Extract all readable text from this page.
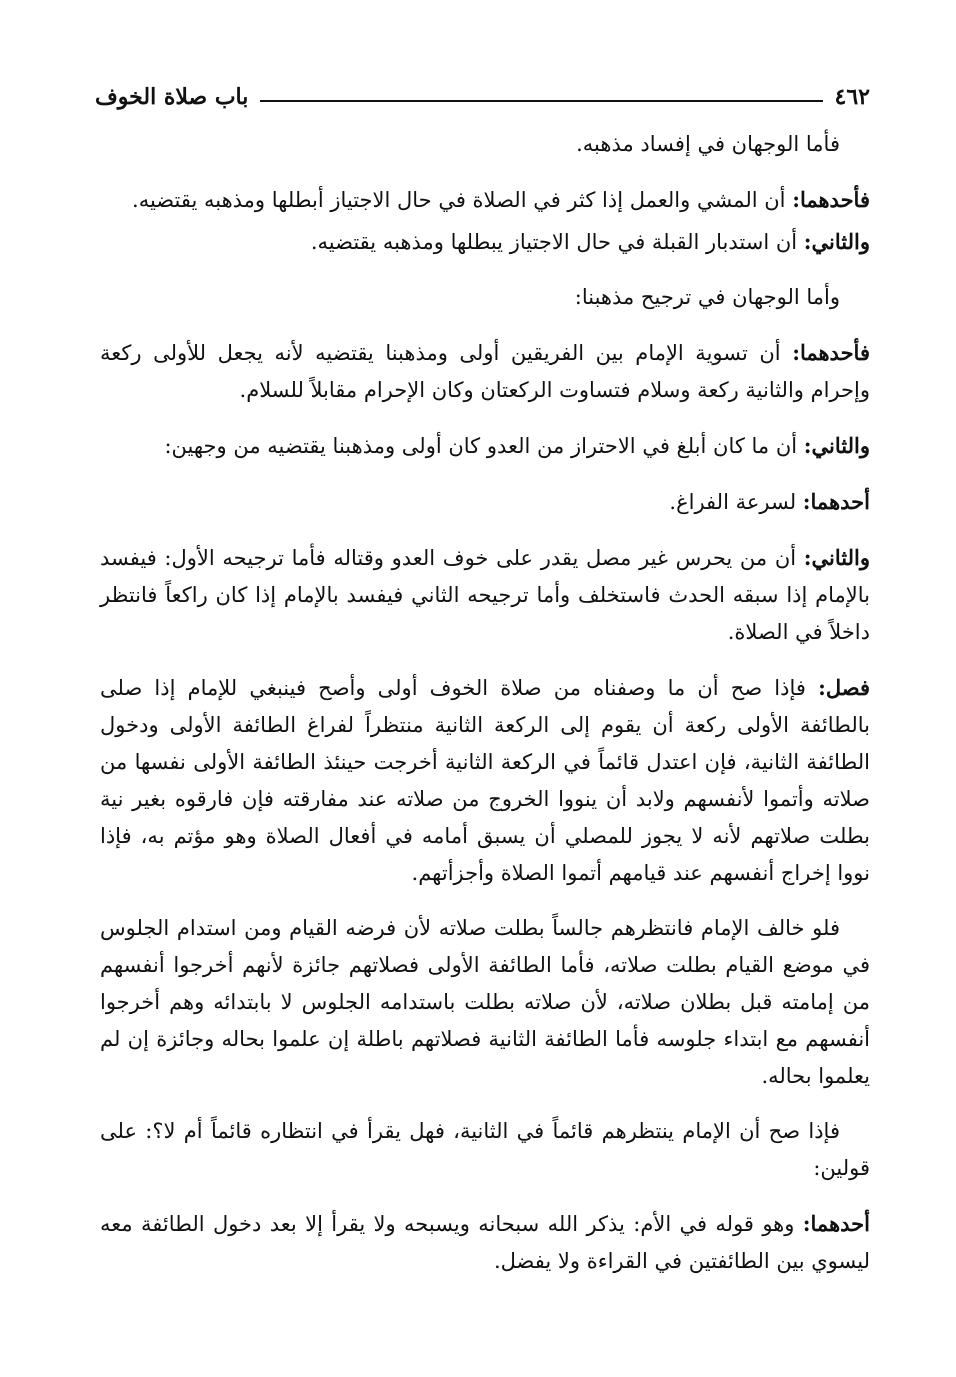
٤٦٢
باب صلاة الخوف

فأما الوجهان في إفساد مذهبه.

فأحدهما: أن المشي والعمل إذا كثر في الصلاة في حال الاجتياز أبطلها ومذهبه يقتضيه.

والثاني: أن استدبار القبلة في حال الاجتياز يبطلها ومذهبه يقتضيه.

وأما الوجهان في ترجيح مذهبنا:

فأحدهما: أن تسوية الإمام بين الفريقين أولى ومذهبنا يقتضيه لأنه يجعل للأولى ركعة وإحرام والثانية ركعة وسلام فتساوت الركعتان وكان الإحرام مقابلاً للسلام.

والثاني: أن ما كان أبلغ في الاحتراز من العدو كان أولى ومذهبنا يقتضيه من وجهين:

أحدهما: لسرعة الفراغ.

والثاني: أن من يحرس غير مصل يقدر على خوف العدو وقتاله فأما ترجيحه الأول: فيفسد بالإمام إذا سبقه الحدث فاستخلف وأما ترجيحه الثاني فيفسد بالإمام إذا كان راكعاً فانتظر داخلاً في الصلاة.

فصل: فإذا صح أن ما وصفناه من صلاة الخوف أولى وأصح فينبغي للإمام إذا صلى بالطائفة الأولى ركعة أن يقوم إلى الركعة الثانية منتظراً لفراغ الطائفة الأولى ودخول الطائفة الثانية، فإن اعتدل قائماً في الركعة الثانية أخرجت حينئذ الطائفة الأولى نفسها من صلاته وأتموا لأنفسهم ولابد أن ينووا الخروج من صلاته عند مفارقته فإن فارقوه بغير نية بطلت صلاتهم لأنه لا يجوز للمصلي أن يسبق أمامه في أفعال الصلاة وهو مؤتم به، فإذا نووا إخراج أنفسهم عند قيامهم أتموا الصلاة وأجزأتهم.

فلو خالف الإمام فانتظرهم جالساً بطلت صلاته لأن فرضه القيام ومن استدام الجلوس في موضع القيام بطلت صلاته، فأما الطائفة الأولى فصلاتهم جائزة لأنهم أخرجوا أنفسهم من إمامته قبل بطلان صلاته، لأن صلاته بطلت باستدامه الجلوس لا بابتدائه وهم أخرجوا أنفسهم مع ابتداء جلوسه فأما الطائفة الثانية فصلاتهم باطلة إن علموا بحاله وجائزة إن لم يعلموا بحاله.

فإذا صح أن الإمام ينتظرهم قائماً في الثانية، فهل يقرأ في انتظاره قائماً أم لا؟: على قولين:

أحدهما: وهو قوله في الأم: يذكر الله سبحانه ويسبحه ولا يقرأ إلا بعد دخول الطائفة معه ليسوي بين الطائفتين في القراءة ولا يفضل.
